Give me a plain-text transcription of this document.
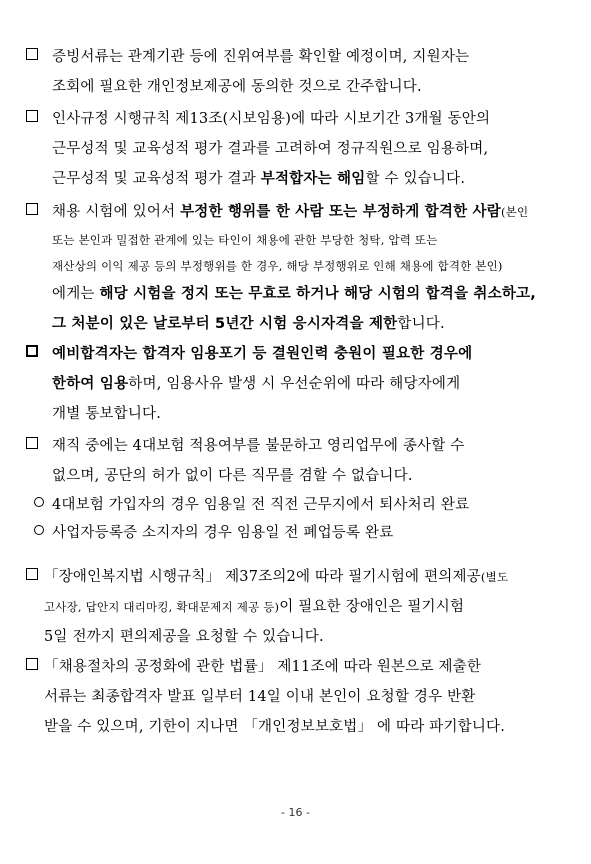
증빙서류는 관계기관 등에 진위여부를 확인할 예정이며, 지원자는
조회에 필요한 개인정보제공에 동의한 것으로 간주합니다.
인사규정 시행규칙 제13조(시보임용)에 따라 시보기간 3개월 동안의
근무성적 및 교육성적 평가 결과를 고려하여 정규직원으로 임용하며,
근무성적 및 교육성적 평가 결과 부적합자는 해임할 수 있습니다.
채용 시험에 있어서 부정한 행위를 한 사람 또는 부정하게 합격한 사람(본인
또는 본인과 밀접한 관계에 있는 타인이 채용에 관한 부당한 청탁, 압력 또는
재산상의 이익 제공 등의 부정행위를 한 경우, 해당 부정행위로 인해 채용에 합격한 본인)
에게는 해당 시험을 정지 또는 무효로 하거나 해당 시험의 합격을 취소하고,
그 처분이 있은 날로부터 5년간 시험 응시자격을 제한합니다.
예비합격자는 합격자 임용포기 등 결원인력 충원이 필요한 경우에
한하여 임용하며, 임용사유 발생 시 우선순위에 따라 해당자에게
개별 통보합니다.
재직 중에는 4대보험 적용여부를 불문하고 영리업무에 종사할 수
없으며, 공단의 허가 없이 다른 직무를 겸할 수 없습니다.
4대보험 가입자의 경우 임용일 전 직전 근무지에서 퇴사처리 완료
사업자등록증 소지자의 경우 임용일 전 폐업등록 완료
「장애인복지법 시행규칙」 제37조의2에 따라 필기시험에 편의제공(별도
고사장, 답안지 대리마킹, 확대문제지 제공 등)이 필요한 장애인은 필기시험
5일 전까지 편의제공을 요청할 수 있습니다.
「채용절차의 공정화에 관한 법률」 제11조에 따라 원본으로 제출한
서류는 최종합격자 발표 일부터 14일 이내 본인이 요청할 경우 반환
받을 수 있으며, 기한이 지나면 「개인정보보호법」 에 따라 파기합니다.
- 16 -
